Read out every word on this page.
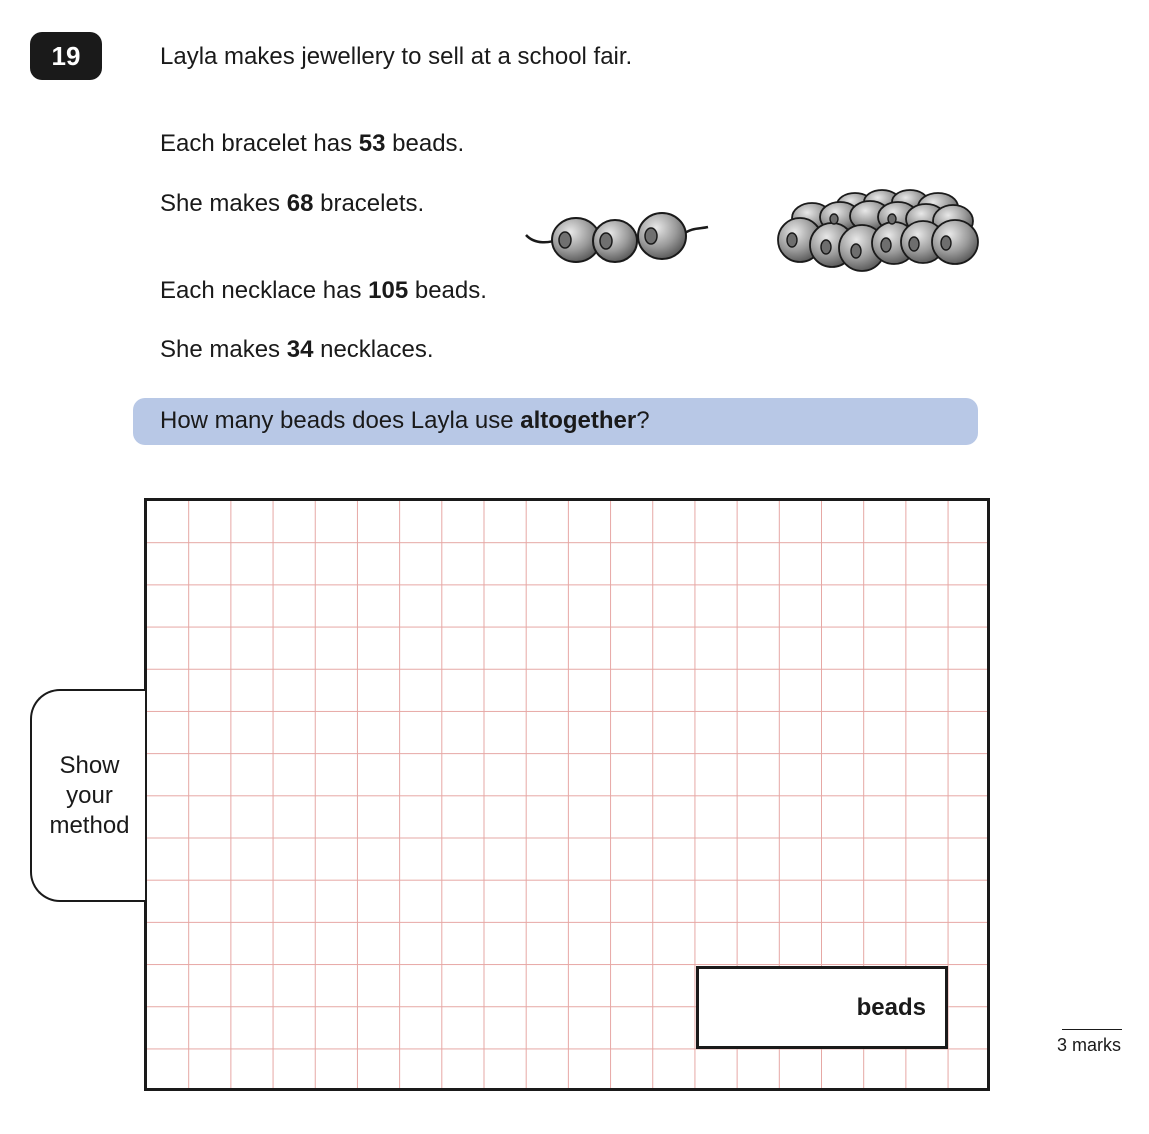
19	Layla makes jewellery to sell at a school fair.
Each bracelet has 53 beads.
She makes 68 bracelets.
Each necklace has 105 beads.
She makes 34 necklaces.
How many beads does Layla use altogether?
Show
your
method
beads
3 marks
